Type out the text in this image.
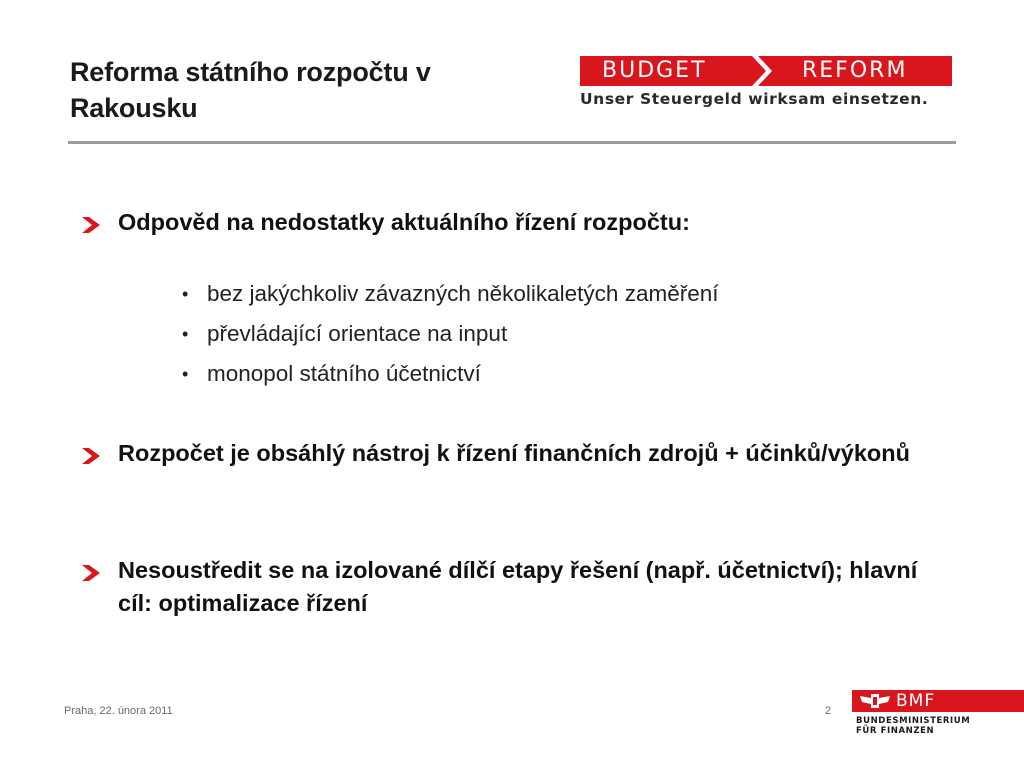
Reforma státního rozpočtu v Rakousku
BUDGET	REFORM
Unser Steuergeld wirksam einsetzen.
Odpověd na nedostatky aktuálního řízení rozpočtu:
• bez jakýchkoliv závazných několikaletých zaměření
• převládající orientace na input
• monopol státního účetnictví
Rozpočet je obsáhlý nástroj k řízení finančních zdrojů + účinků/výkonů
Nesoustředit se na izolované dílčí etapy řešení (např. účetnictví); hlavní cíl: optimalizace řízení
Praha, 22. února 2011	2	BMF
BUNDESMINISTERIUM
FÜR FINANZEN
